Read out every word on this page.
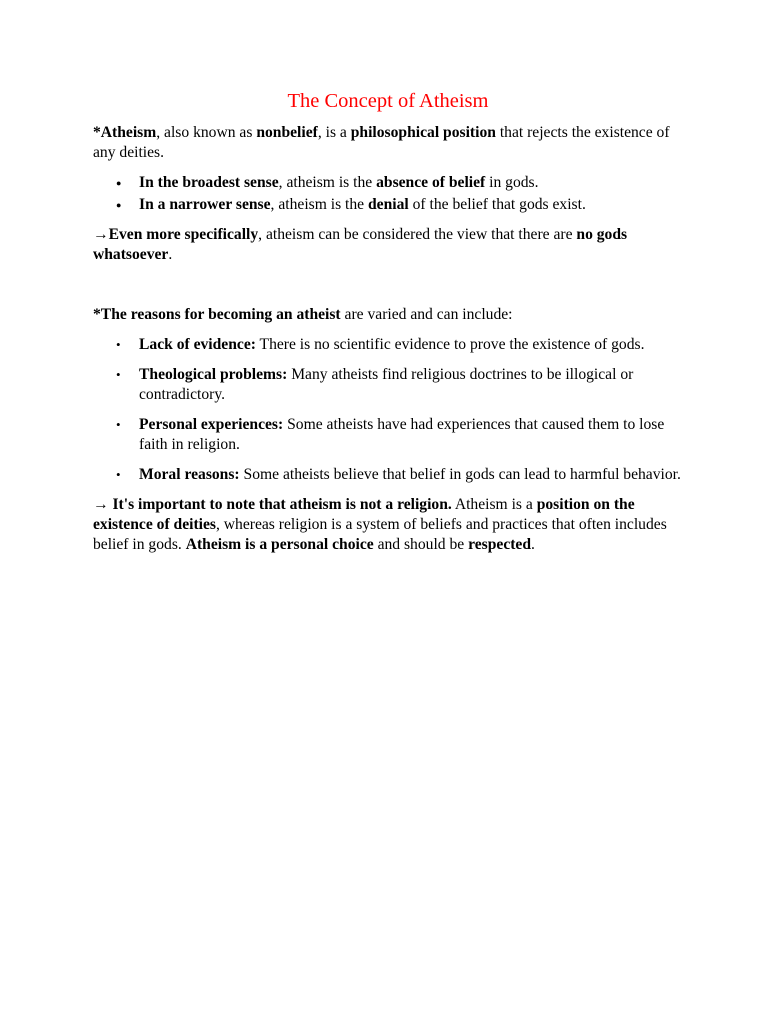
The Concept of Atheism

*Atheism, also known as nonbelief, is a philosophical position that rejects the existence of any deities.

● In the broadest sense, atheism is the absence of belief in gods.
● In a narrower sense, atheism is the denial of the belief that gods exist.

→Even more specifically, atheism can be considered the view that there are no gods whatsoever.

*The reasons for becoming an atheist are varied and can include:

• Lack of evidence: There is no scientific evidence to prove the existence of gods.
• Theological problems: Many atheists find religious doctrines to be illogical or contradictory.
• Personal experiences: Some atheists have had experiences that caused them to lose faith in religion.
• Moral reasons: Some atheists believe that belief in gods can lead to harmful behavior.

→ It's important to note that atheism is not a religion. Atheism is a position on the existence of deities, whereas religion is a system of beliefs and practices that often includes belief in gods. Atheism is a personal choice and should be respected.
